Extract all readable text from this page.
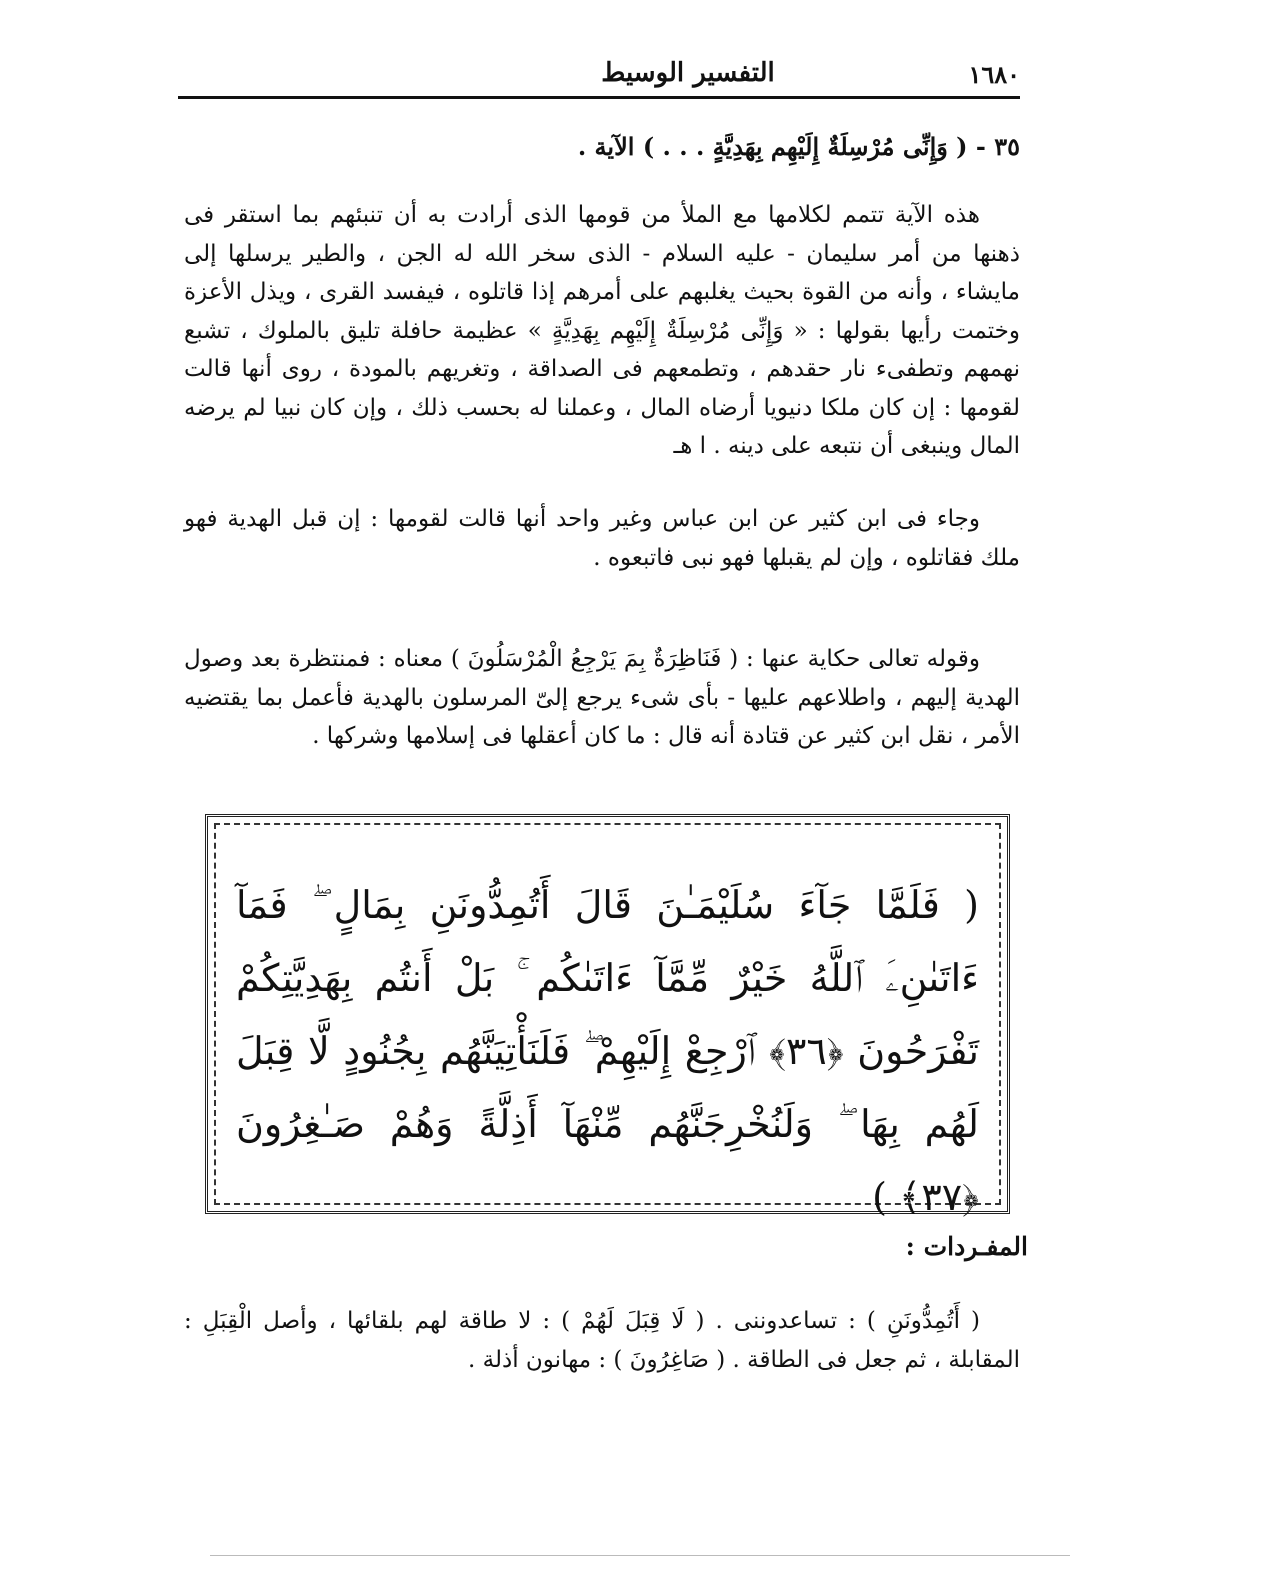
التفسير الوسيط	١٦٨٠
٣٥ - ( وَإِنِّى مُرْسِلَةٌ إِلَيْهِم بِهَدِيَّةٍ . . . ) الآية .

هذه الآية تتمم لكلامها مع الملأ من قومها الذى أرادت به أن تنبئهم بما استقر فى ذهنها من أمر سليمان - عليه السلام - الذى سخر الله له الجن ، والطير يرسلها إلى مايشاء ، وأنه من القوة بحيث يغلبهم على أمرهم إذا قاتلوه ، فيفسد القرى ، ويذل الأعزة وختمت رأيها بقولها : « وَإِنِّى مُرْسِلَةٌ إِلَيْهِم بِهَدِيَّةٍ » عظيمة حافلة تليق بالملوك ، تشبع نهمهم وتطفىء نار حقدهم ، وتطمعهم فى الصداقة ، وتغريهم بالمودة ، روى أنها قالت لقومها : إن كان ملكا دنيويا أرضاه المال ، وعملنا له بحسب ذلك ، وإن كان نبيا لم يرضه المال وينبغى أن نتبعه على دينه . ا هـ

وجاء فى ابن كثير عن ابن عباس وغير واحد أنها قالت لقومها : إن قبل الهدية فهو ملك فقاتلوه ، وإن لم يقبلها فهو نبى فاتبعوه .

وقوله تعالى حكاية عنها : ( فَنَاظِرَةٌ بِمَ يَرْجِعُ الْمُرْسَلُونَ ) معناه : فمنتظرة بعد وصول الهدية إليهم ، واطلاعهم عليها - بأى شىء يرجع إلىّ المرسلون بالهدية فأعمل بما يقتضيه الأمر ، نقل ابن كثير عن قتادة أنه قال : ما كان أعقلها فى إسلامها وشركها .

( فَلَمَّا جَآءَ سُلَيْمَـٰنَ قَالَ أَتُمِدُّونَنِ بِمَالٍ ۖ فَمَآ ءَاتَىٰنِۦَ ٱللَّهُ خَيْرٌ مِّمَّآ ءَاتَىٰكُم ۚ بَلْ أَنتُم بِهَدِيَّتِكُمْ تَفْرَحُونَ ﴿٣٦﴾ ٱرْجِعْ إِلَيْهِمْ ۖ فَلَنَأْتِيَنَّهُم بِجُنُودٍ لَّا قِبَلَ لَهُم بِهَا ۖ وَلَنُخْرِجَنَّهُم مِّنْهَآ أَذِلَّةً وَهُمْ صَـٰغِرُونَ ﴿٣٧﴾ )
المفـردات :

( أَتُمِدُّونَنِ ) : تساعدوننى . ( لَا قِبَلَ لَهُمْ ) : لا طاقة لهم بلقائها ، وأصل الْقِبَلِ : المقابلة ، ثم جعل فى الطاقة . ( صَاغِرُونَ ) : مهانون أذلة .
